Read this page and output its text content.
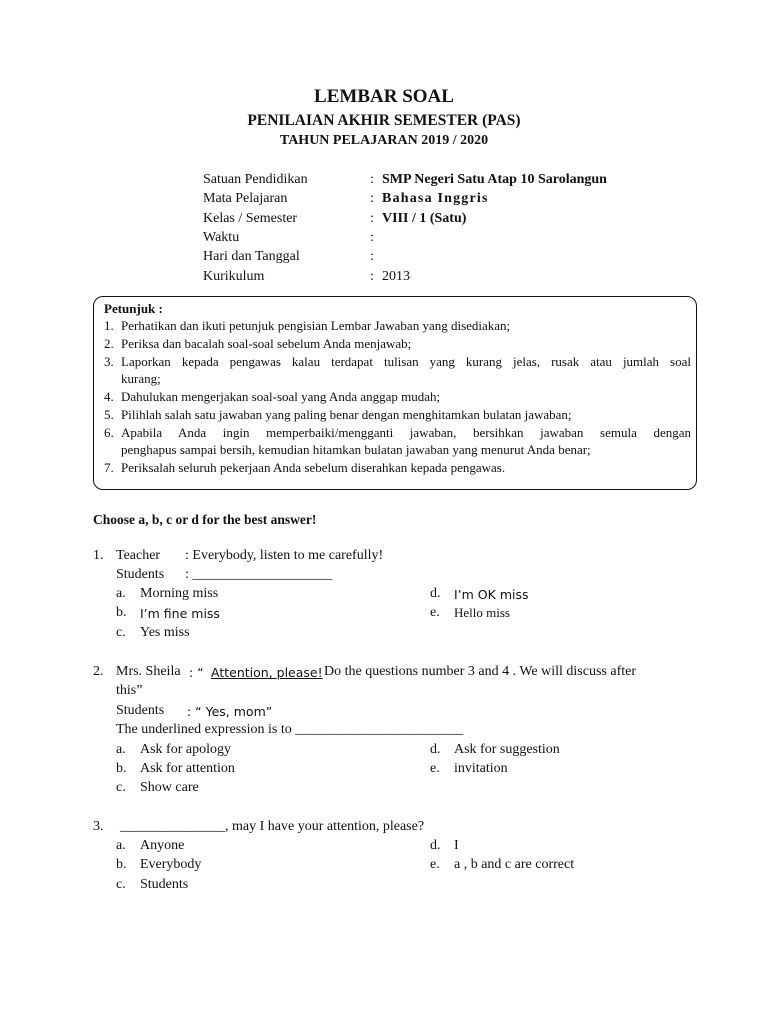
LEMBAR SOAL
PENILAIAN AKHIR SEMESTER (PAS)
TAHUN PELAJARAN 2019 / 2020
Satuan Pendidikan	: SMP Negeri Satu Atap 10 Sarolangun
Mata Pelajaran	: Bahasa Inggris
Kelas / Semester	: VIII / 1 (Satu)
Waktu	:
Hari dan Tanggal	:
Kurikulum	: 2013
Petunjuk :
1. Perhatikan dan ikuti petunjuk pengisian Lembar Jawaban yang disediakan;
2. Periksa dan bacalah soal-soal sebelum Anda menjawab;
3. Laporkan kepada pengawas kalau terdapat tulisan yang kurang jelas, rusak atau jumlah soal
kurang;
4. Dahulukan mengerjakan soal-soal yang Anda anggap mudah;
5. Pilihlah salah satu jawaban yang paling benar dengan menghitamkan bulatan jawaban;
6. Apabila Anda ingin memperbaiki/mengganti jawaban, bersihkan jawaban semula dengan
penghapus sampai bersih, kemudian hitamkan bulatan jawaban yang menurut Anda benar;
7. Periksalah seluruh pekerjaan Anda sebelum diserahkan kepada pengawas.
Choose a, b, c or d for the best answer!
1. Teacher : Everybody, listen to me carefully!
Students : ____________________
a. Morning miss
b. I’m fine miss
c. Yes miss
d. I’m OK miss
e. Hello miss
2. Mrs. Sheila : “ Attention, please! Do the questions number 3 and 4 . We will discuss after
this”
Students : “ Yes, mom”
The underlined expression is to ________________________
a. Ask for apology
b. Ask for attention
c. Show care
d. Ask for suggestion
e. invitation
3. _______________, may I have your attention, please?
a. Anyone
b. Everybody
c. Students
d. I
e. a , b and c are correct
